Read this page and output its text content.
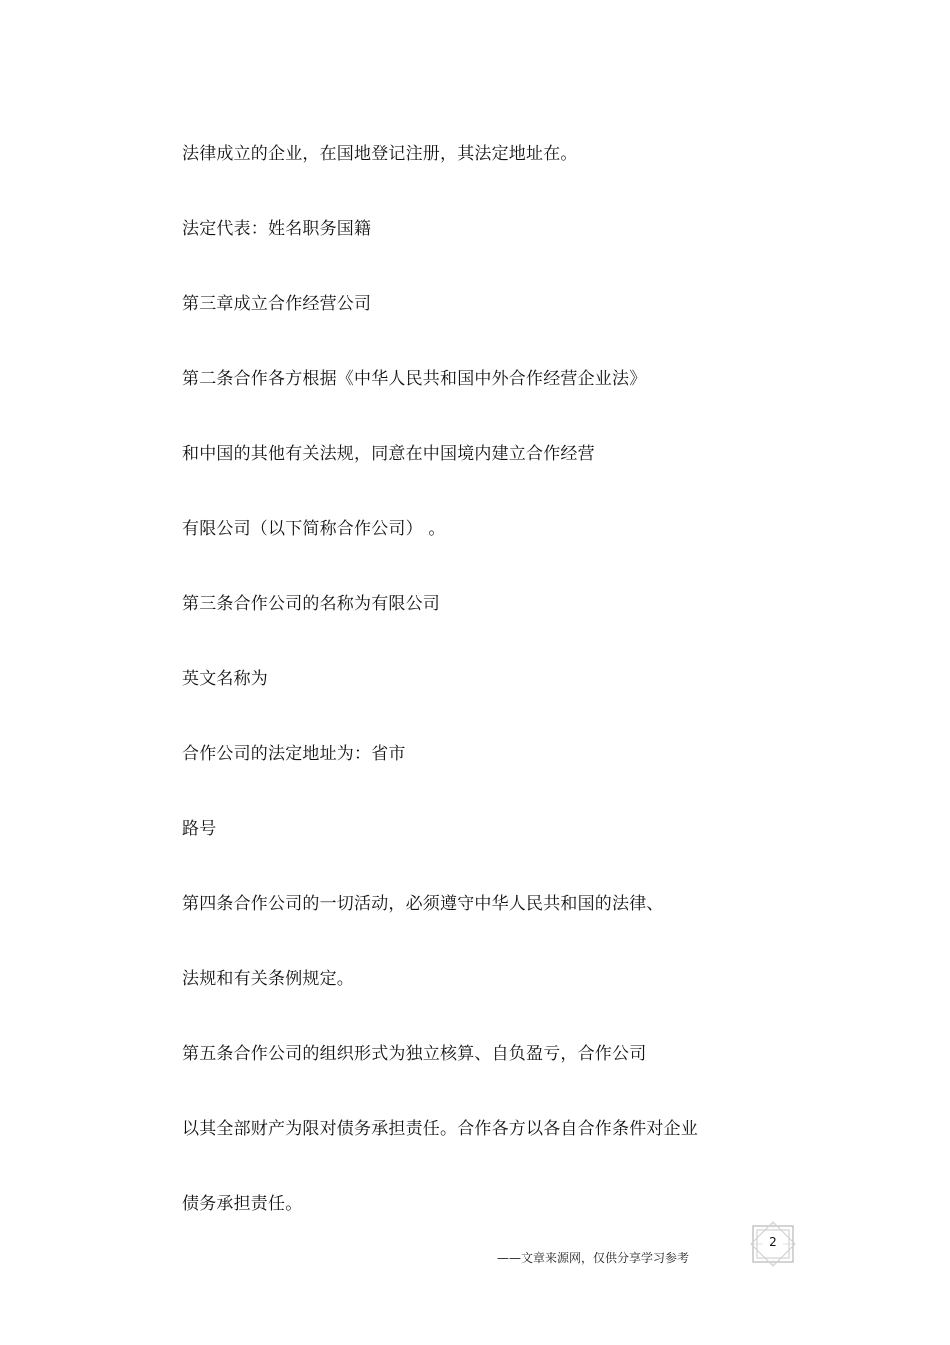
法律成立的企业，在国地登记注册，其法定地址在。
法定代表：姓名职务国籍
第三章成立合作经营公司
第二条合作各方根据《中华人民共和国中外合作经营企业法》
和中国的其他有关法规，同意在中国境内建立合作经营
有限公司（以下简称合作公司） 。
第三条合作公司的名称为有限公司
英文名称为
合作公司的法定地址为：省市
路号
第四条合作公司的一切活动，必须遵守中华人民共和国的法律、
法规和有关条例规定。
第五条合作公司的组织形式为独立核算、自负盈亏，合作公司
以其全部财产为限对债务承担责任。合作各方以各自合作条件对企业
债务承担责任。
2
——文章来源网，仅供分享学习参考
